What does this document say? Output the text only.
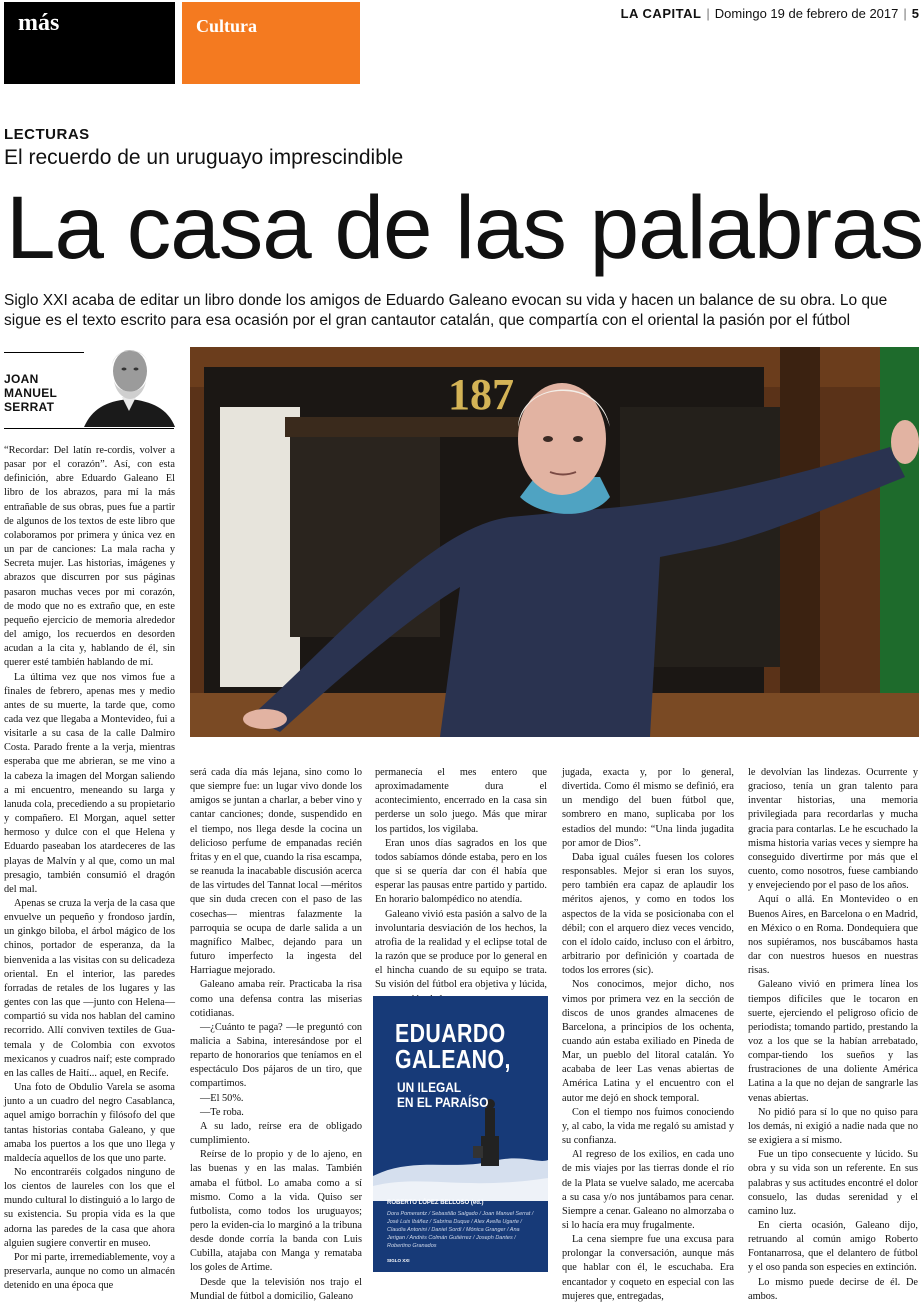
más	Cultura
LA CAPITAL | Domingo 19 de febrero de 2017 | 5
LECTURAS
El recuerdo de un uruguayo imprescindible
La casa de las palabras
Siglo XXI acaba de editar un libro donde los amigos de Eduardo Galeano evocan su vida y hacen un balance de su obra. Lo que sigue es el texto escrito para esa ocasión por el gran cantautor catalán, que compartía con el oriental la pasión por el fútbol
JOAN MANUEL SERRAT	187

“Recordar: Del latín re-cordis, volver a pasar por el corazón”. Así, con esta definición, abre Eduardo Galeano El libro de los abrazos, para mí la más entrañable de sus obras, pues fue a partir de algunos de los textos de este libro que colaboramos por primera y única vez en un par de canciones: La mala racha y Secreta mujer. Las historias, imágenes y abrazos que discurren por sus páginas pasaron muchas veces por mi corazón, de modo que no es extraño que, en este pequeño ejercicio de memoria alrededor del amigo, los recuerdos en desorden acudan a la cita y, hablando de él, sin querer esté también hablando de mí.

La última vez que nos vimos fue a finales de febrero, apenas mes y medio antes de su muerte, la tarde que, como cada vez que llegaba a Montevideo, fui a visitarle a su casa de la calle Dalmiro Costa. Parado frente a la verja, mientras esperaba que me abrieran, se me vino a la cabeza la imagen del Morgan saliendo a mi encuentro, meneando su larga y lanuda cola, precediendo a su propietario y compañero. El Morgan, aquel setter hermoso y dulce con el que Helena y Eduardo paseaban los atardeceres de las playas de Malvín y al que, como un mal presagio, también consumió el dragón del mal.

Apenas se cruza la verja de la casa que envuelve un pequeño y frondoso jardín, un ginkgo biloba, el árbol mágico de los chinos, portador de esperanza, da la bienvenida a las visitas con su delicadeza oriental. En el interior, las paredes forradas de retales de los lugares y las gentes con las que —junto con Helena— compartió su vida nos hablan del camino recorrido. Allí conviven textiles de Gua-temala y de Colombia con exvotos mexicanos y cuadros naif; este comprado en las calles de Haití... aquel, en Recife.

Una foto de Obdulio Varela se asoma junto a un cuadro del negro Casablanca, aquel amigo borrachín y filósofo del que tantas historias contaba Galeano, y que amaba los puertos a los que uno llega y maldecía aquellos de los que uno parte.

No encontraréis colgados ninguno de los cientos de laureles con los que el mundo cultural lo distinguió a lo largo de su existencia. Su propia vida es la que adorna las paredes de la casa que ahora alguien sugiere convertir en museo.

Por mi parte, irremediablemente, voy a preservarla, aunque no como un almacén detenido en una época que

será cada día más lejana, sino como lo que siempre fue: un lugar vivo donde los amigos se juntan a charlar, a beber vino y cantar canciones; donde, suspendido en el tiempo, nos llega desde la cocina un delicioso perfume de empanadas recién fritas y en el que, cuando la risa escampa, se reanuda la inacabable discusión acerca de las virtudes del Tannat local —méritos que sin duda crecen con el paso de las cosechas— mientras falazmente la parroquia se ocupa de darle salida a un magnífico Malbec, dejando para un futuro imperfecto la ingesta del Harriague mejorado.

Galeano amaba reír. Practicaba la risa como una defensa contra las miserias cotidianas.

—¿Cuánto te paga? —le preguntó con malicia a Sabina, interesándose por el reparto de honorarios que teníamos en el espectáculo Dos pájaros de un tiro, que compartimos.

—El 50%.

—Te roba.

A su lado, reírse era de obligado cumplimiento.

Reírse de lo propio y de lo ajeno, en las buenas y en las malas. También amaba el fútbol. Lo amaba como a sí mismo. Como a la vida. Quiso ser futbolista, como todos los uruguayos; pero la eviden-cia lo marginó a la tribuna desde donde corría la banda con Luis Cubilla, atajaba con Manga y remataba los goles de Artime.

Desde que la televisión nos trajo el Mundial de fútbol a domicilio, Galeano

permanecía el mes entero que aproximadamente dura el acontecimiento, encerrado en la casa sin perderse un solo juego. Más que mirar los partidos, los vigilaba.

Eran unos días sagrados en los que todos sabíamos dónde estaba, pero en los que si se quería dar con él había que esperar las pausas entre partido y partido. En horario balompédico no atendía.

Galeano vivió esta pasión a salvo de la involuntaria desviación de los hechos, la atrofia de la realidad y el eclipse total de la razón que se produce por lo general en el hincha cuando de su equipo se trata. Su visión del fútbol era objetiva y lúcida,

EDUARDO
GALEANO,
UN ILEGAL
EN EL PARAÍSO
ROBERTO LÓPEZ BELLOSO (ed.)
Dora Pomerantz / Sebastião Salgado / Joan Manuel Serrat / José Luis Ibáñez / Sabrina Duque / Alex Avella Ugarte / Claudia Antonini / Daniel Sordi / Mónica Granger / Ana Jerigan / Andrés Colmán Gutiérrez / Joseph Dantes / Robertino Granados
SIGLO XXI

jugada, exacta y, por lo general, divertida. Como él mismo se definió, era un mendigo del buen fútbol que, sombrero en mano, suplicaba por los estadios del mundo: “Una linda jugadita por amor de Dios”.

Daba igual cuáles fuesen los colores responsables. Mejor si eran los suyos, pero también era capaz de aplaudir los méritos ajenos, y como en todos los aspectos de la vida se posicionaba con el débil; con el arquero diez veces vencido, con el ídolo caído, incluso con el árbitro, arbitrario por definición y coartada de todos los errores (sic).

Nos conocimos, mejor dicho, nos vimos por primera vez en la sección de discos de unos grandes almacenes de Barcelona, a principios de los ochenta, cuando aún estaba exiliado en Pineda de Mar, un pueblo del litoral catalán. Yo acababa de leer Las venas abiertas de América Latina y el encuentro con el autor me dejó en shock temporal.

Con el tiempo nos fuimos conociendo y, al cabo, la vida me regaló su amistad y su confianza.

Al regreso de los exilios, en cada uno de mis viajes por las tierras donde el río de la Plata se vuelve salado, me acercaba a su casa y/o nos juntábamos para cenar. Siempre a cenar. Galeano no almorzaba o si lo hacía era muy frugalmente.

La cena siempre fue una excusa para prolongar la conversación, aunque más que hablar con él, le escuchaba. Era encantador y coqueto en especial con las mujeres que, entregadas,

le devolvían las lindezas. Ocurrente y gracioso, tenía un gran talento para inventar historias, una memoria privilegiada para recordarlas y mucha gracia para contarlas. Le he escuchado la misma historia varias veces y siempre ha conseguido divertirme por más que el cuento, como nosotros, fuese cambiando y envejeciendo por el paso de los años.

Aquí o allá. En Montevideo o en Buenos Aires, en Barcelona o en Madrid, en México o en Roma. Dondequiera que nos supiéramos, nos buscábamos hasta dar con nuestros huesos en nuestras risas.

Galeano vivió en primera línea los tiempos difíciles que le tocaron en suerte, ejerciendo el peligroso oficio de periodista; tomando partido, prestando la voz a los que se la habían arrebatado, compar-tiendo los sueños y las frustraciones de una doliente América Latina a la que no dejan de sangrarle las venas abiertas.

No pidió para sí lo que no quiso para los demás, ni exigió a nadie nada que no se exigiera a sí mismo.

Fue un tipo consecuente y lúcido. Su obra y su vida son un referente. En sus palabras y sus actitudes encontré el dolor consuelo, las dudas serenidad y el camino luz.

En cierta ocasión, Galeano dijo, retruando al común amigo Roberto Fontanarrosa, que el delantero de fútbol y el oso panda son especies en extinción.

Lo mismo puede decirse de él. De ambos.
